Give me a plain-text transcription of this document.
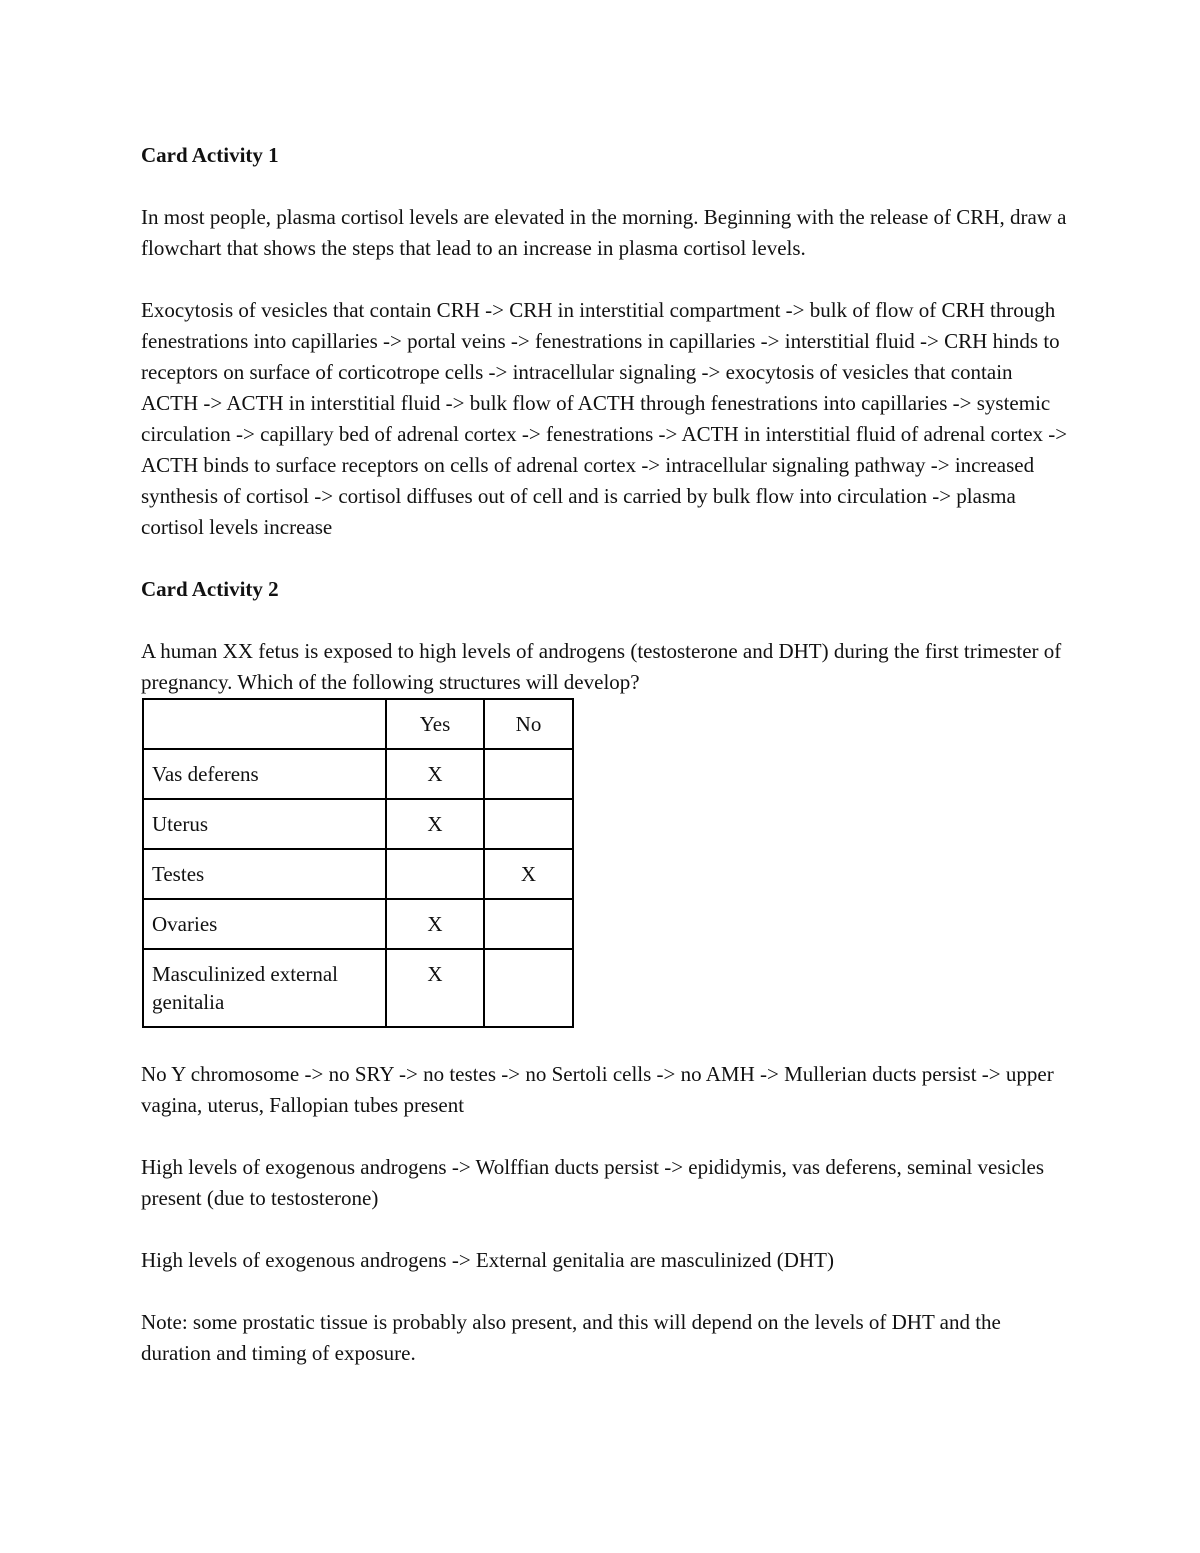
Card Activity 1

In most people, plasma cortisol levels are elevated in the morning. Beginning with the release of CRH, draw a flowchart that shows the steps that lead to an increase in plasma cortisol levels.

Exocytosis of vesicles that contain CRH -> CRH in interstitial compartment -> bulk of flow of CRH through fenestrations into capillaries -> portal veins -> fenestrations in capillaries -> interstitial fluid -> CRH hinds to receptors on surface of corticotrope cells -> intracellular signaling -> exocytosis of vesicles that contain ACTH -> ACTH in interstitial fluid -> bulk flow of ACTH through fenestrations into capillaries -> systemic circulation -> capillary bed of adrenal cortex -> fenestrations -> ACTH in interstitial fluid of adrenal cortex -> ACTH binds to surface receptors on cells of adrenal cortex -> intracellular signaling pathway -> increased synthesis of cortisol -> cortisol diffuses out of cell and is carried by bulk flow into circulation -> plasma cortisol levels increase

Card Activity 2

A human XX fetus is exposed to high levels of androgens (testosterone and DHT) during the first trimester of pregnancy. Which of the following structures will develop?

	Yes	No
Vas deferens	X	
Uterus	X	
Testes		X
Ovaries	X	
Masculinized external genitalia	X	

No Y chromosome -> no SRY -> no testes -> no Sertoli cells -> no AMH -> Mullerian ducts persist -> upper vagina, uterus, Fallopian tubes present

High levels of exogenous androgens -> Wolffian ducts persist -> epididymis, vas deferens, seminal vesicles present (due to testosterone)

High levels of exogenous androgens -> External genitalia are masculinized (DHT)

Note: some prostatic tissue is probably also present, and this will depend on the levels of DHT and the duration and timing of exposure.
